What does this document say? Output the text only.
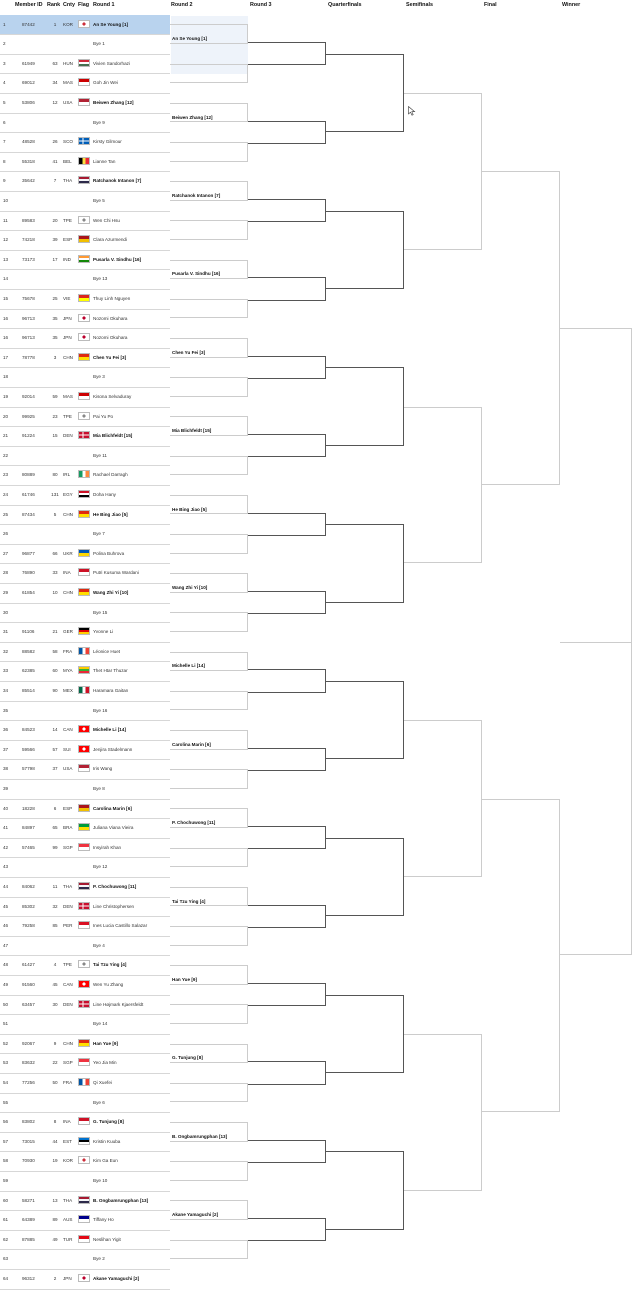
Member ID Rank Cnty Flag Round 1	Round 2	Round 3	Quarterfinals	Semifinals	Final	Winner
1	87442	1	KOR	An Se Young [1]
2	Bye 1
3	61949	63	HUN	Vivien Sandorhazi
4	69012	34	MAS	Goh Jin Wei
5	53806	12	USA	Beiwen Zhang [12]
6	Bye 9
7	48528	26	SCO	Kirsty Gilmour
8	55318	41	BEL	Lianne Tan
9	35642	7	THA	Ratchanok Intanon [7]
10	Bye 5
11	89583	20	TPE	Wen Chi Hsu
12	74218	39	ESP	Clara Azurmendi
13	73173	17	IND	Pusarla V. Sindhu [16]
14	Bye 13
15	75678	25	VIE	Thuy Linh Nguyen
16	96713	35	JPN	Nozomi Okuhara
16	96713	35	JPN	Nozomi Okuhara
17	78778	3	CHN	Chen Yu Fei [3]
18	Bye 3
19	92014	59	MAS	Kisona Selvaduray
20	99925	23	TPE	Pai Yu Po
21	91224	15	DEN	Mia Blichfeldt [15]
22	Bye 11
23	80889	80	IRL	Rachael Darragh
24	61746	131 EGY	Doha Hany
25	87434	5	CHN	He Bing Jiao [5]
26	Bye 7
27	96877	66	UKR	Polina Buhrova
28	76890	33	INA	Putri Kusuma Wardani
29	61854	10	CHN	Wang Zhi Yi [10]
30	Bye 15
31	91106	21	GER	Yvonne Li
32	88582	58	FRA	Léonice Huet
33	62385	60	MYA	Thet Htar Thuzar
34	85514	90	MEX	Haramara Gaitan
35	Bye 16
36	84523	14	CAN	Michelle Li [14]
37	59566	57	SUI	Jenjira Stadelmann
38	57798	37	USA	Iris Wang
39	Bye 8
40	18228	6	ESP	Carolina Marin [6]
41	84897	65	BRA	Juliana Viana Vieira
42	57465	99	SGP	Insyirah Khan
43	Bye 12
44	84062	11	THA	P. Chochuwong [11]
45	85302	32	DEN	Line Christophersen
46	79258	85	PER	Ines Lucia Castillo Salazar
47	Bye 4
48	61427	4	TPE	Tai Tzu Ying [4]
49	91560	45	CAN	Wen Yu Zhang
50	63457	30	DEN	Line Højmark Kjaersfeldt
51	Bye 14
52	92067	9	CHN	Han Yue [9]
53	83632	22	SGP	Yeo Jia Min
54	77256	50	FRA	Qi Xuefei
55	Bye 6
56	83802	8	INA	G. Tunjung [8]
57	73015	44	EST	Kristin Kuuba
58	70930	19	KOR	Kim Ga Eun
59	Bye 10
60	58271	13	THA	B. Ongbamrungphan [13]
61	64389	89	AUS	Tiffany Ho
62	87885	49	TUR	Neslihan Yigit
63	Bye 2
64	96312	2	JPN	Akane Yamaguchi [2]
An Se Young [1]
Beiwen Zhang [12]
Ratchanok Intanon [7]
Pusarla V. Sindhu [16]
Chen Yu Fei [3]
Mia Blichfeldt [15]
He Bing Jiao [5]
Wang Zhi Yi [10]
Michelle Li [14]
Carolina Marin [6]
P. Chochuwong [11]
Tai Tzu Ying [4]
Han Yue [9]
G. Tunjung [8]
B. Ongbamrungphan [13]
Akane Yamaguchi [2]
